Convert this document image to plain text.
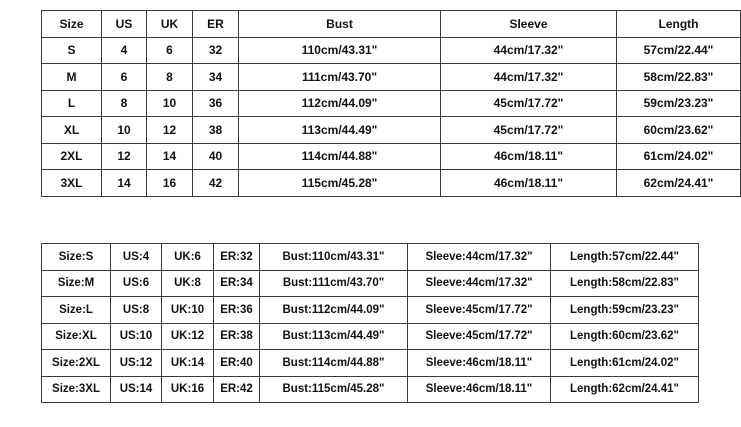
Size	US	UK	ER	Bust	Sleeve	Length
S	4	6	32	110cm/43.31"	44cm/17.32"	57cm/22.44"
M	6	8	34	111cm/43.70"	44cm/17.32"	58cm/22.83"
L	8	10	36	112cm/44.09"	45cm/17.72"	59cm/23.23"
XL	10	12	38	113cm/44.49"	45cm/17.72"	60cm/23.62"
2XL	12	14	40	114cm/44.88"	46cm/18.11"	61cm/24.02"
3XL	14	16	42	115cm/45.28"	46cm/18.11"	62cm/24.41"
Size:S	US:4	UK:6	ER:32	Bust:110cm/43.31"	Sleeve:44cm/17.32"	Length:57cm/22.44"
Size:M	US:6	UK:8	ER:34	Bust:111cm/43.70"	Sleeve:44cm/17.32"	Length:58cm/22.83"
Size:L	US:8	UK:10	ER:36	Bust:112cm/44.09"	Sleeve:45cm/17.72"	Length:59cm/23.23"
Size:XL	US:10	UK:12	ER:38	Bust:113cm/44.49"	Sleeve:45cm/17.72"	Length:60cm/23.62"
Size:2XL	US:12	UK:14	ER:40	Bust:114cm/44.88"	Sleeve:46cm/18.11"	Length:61cm/24.02"
Size:3XL	US:14	UK:16	ER:42	Bust:115cm/45.28"	Sleeve:46cm/18.11"	Length:62cm/24.41"
